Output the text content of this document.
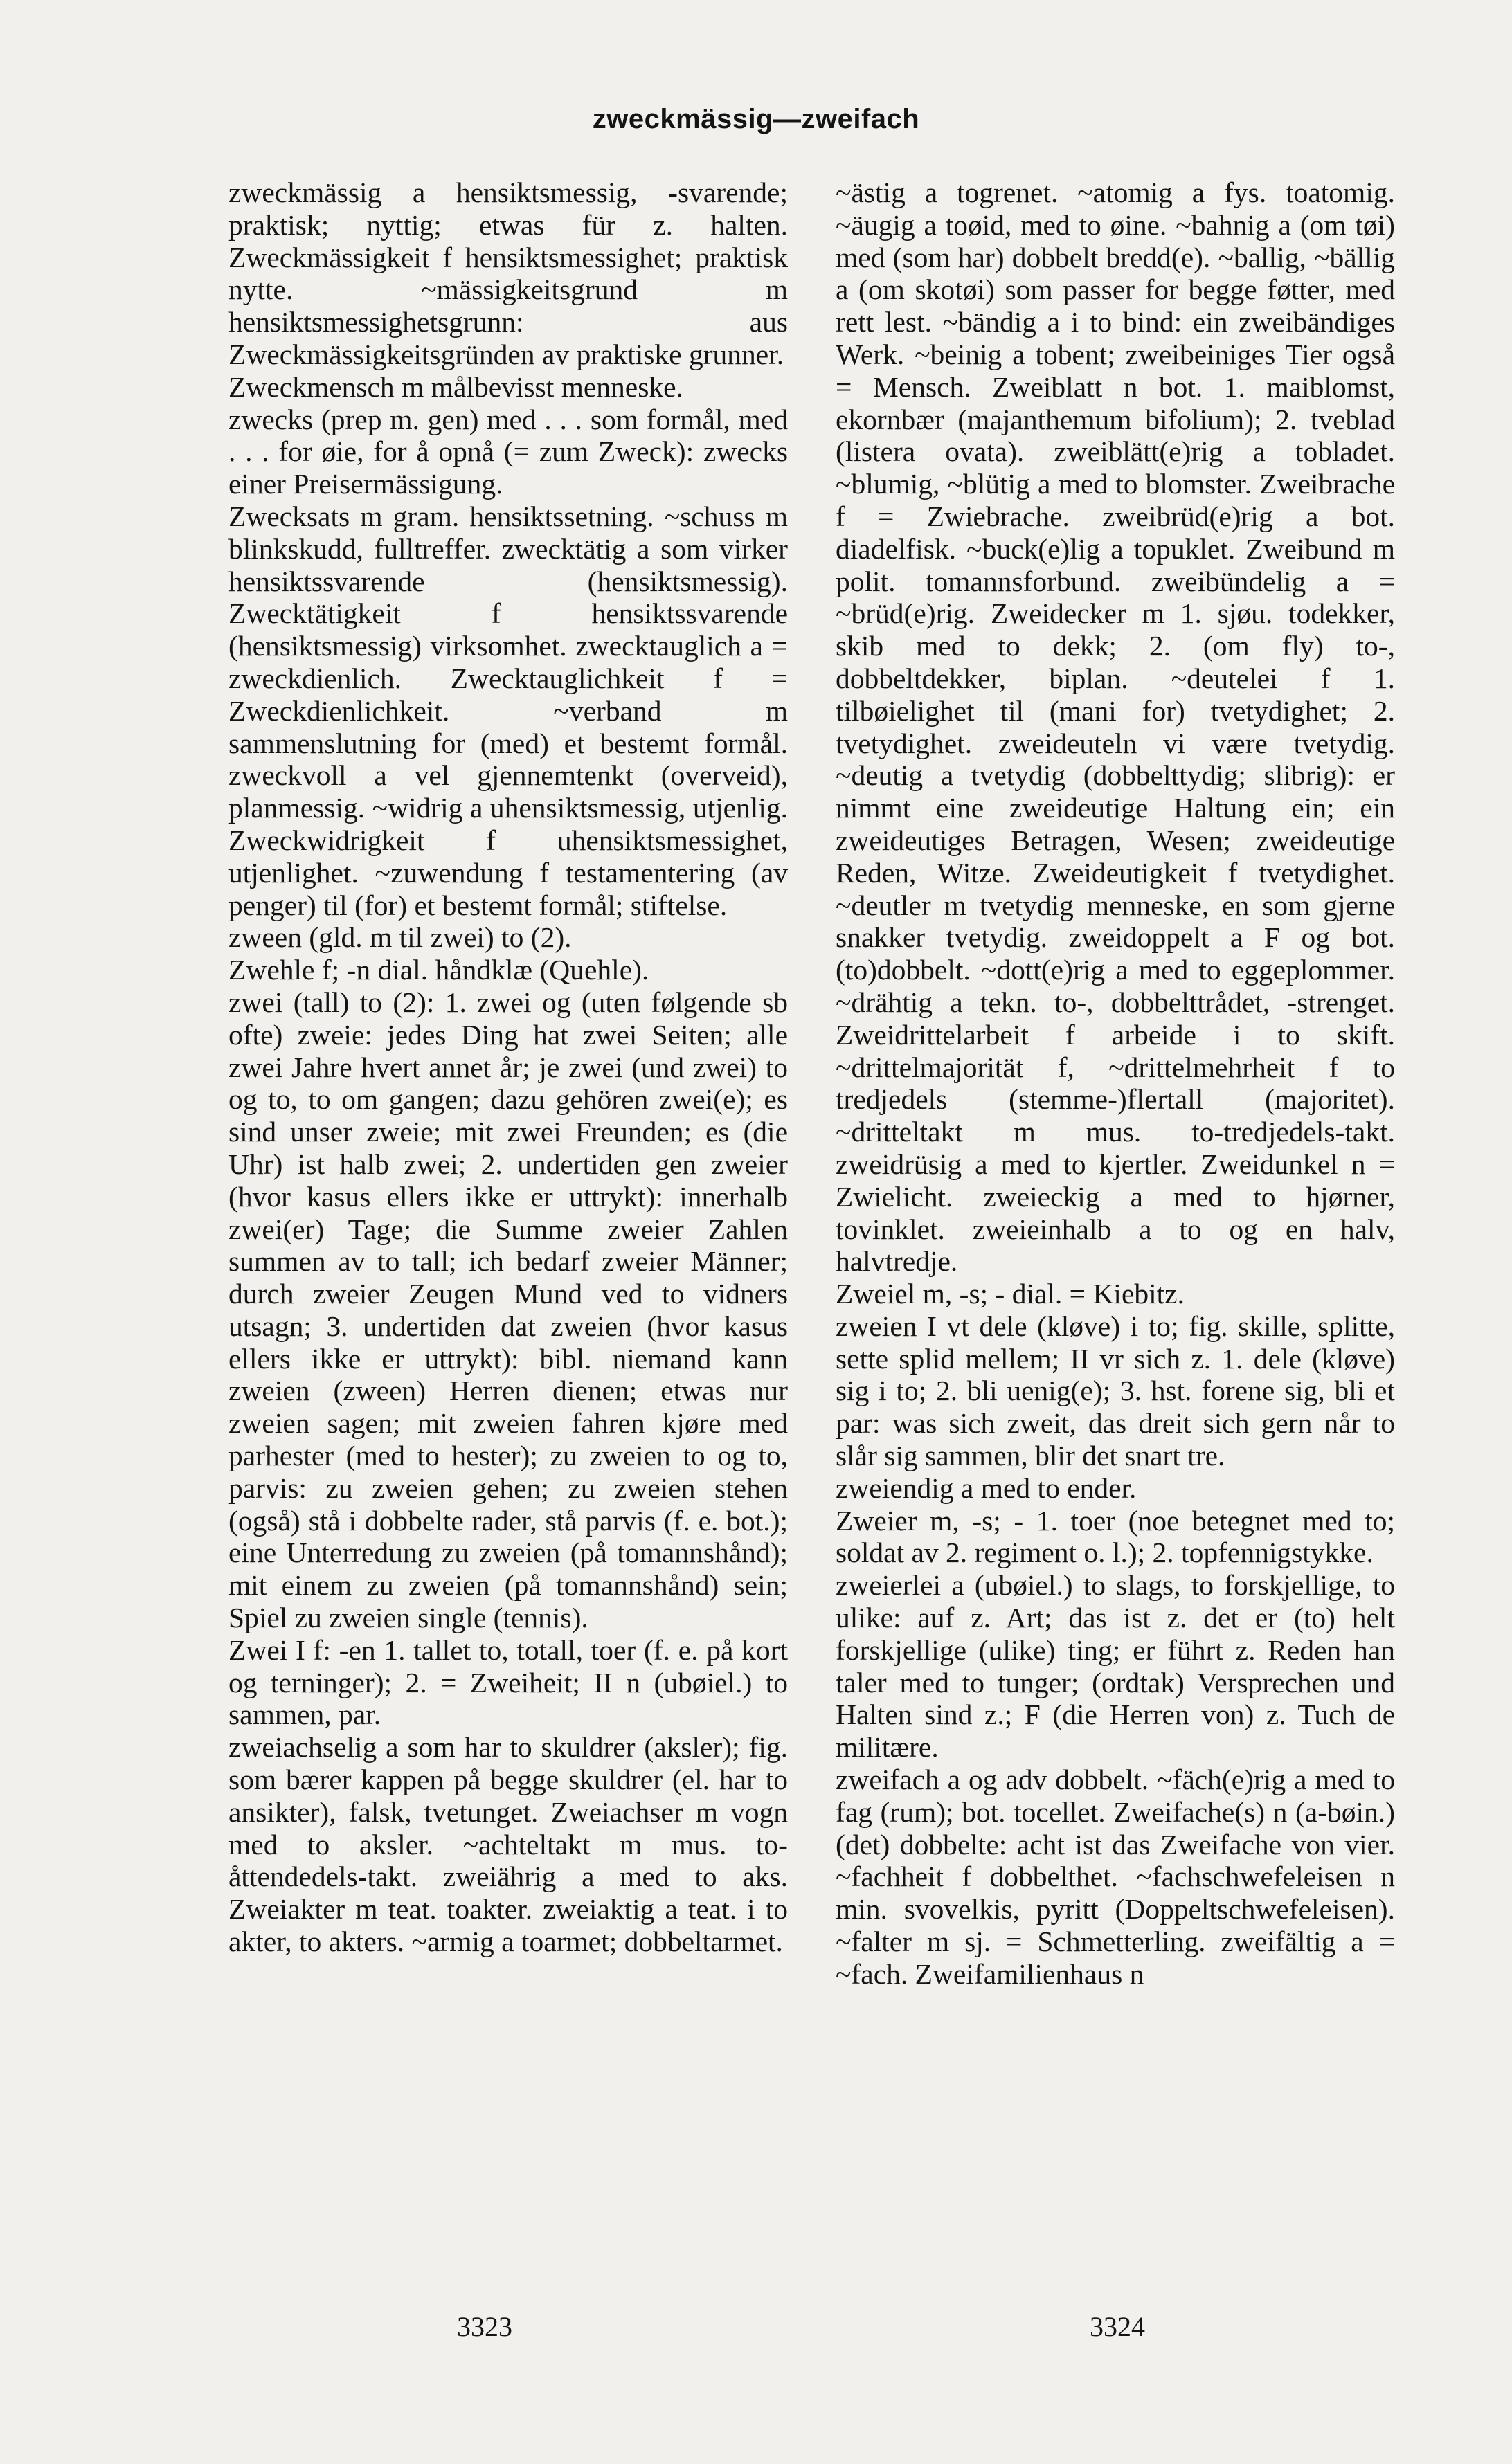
zweckmässig—zweifach
zweckmässig a hensiktsmessig, -svarende; praktisk; nyttig; etwas für z. halten. Zweckmässigkeit f hensiktsmessighet; praktisk nytte. ~mässigkeitsgrund m hensiktsmessighetsgrunn: aus Zweckmässigkeitsgründen av praktiske grunner.
Zweckmensch m målbevisst menneske.
zwecks (prep m. gen) med . . . som formål, med . . . for øie, for å opnå (= zum Zweck): zwecks einer Preisermässigung.
Zwecksats m gram. hensiktssetning. ~schuss m blinkskudd, fulltreffer. zwecktätig a som virker hensiktssvarende (hensiktsmessig). Zwecktätigkeit f hensiktssvarende (hensiktsmessig) virksomhet. zwecktauglich a = zweckdienlich. Zwecktauglichkeit f = Zweckdienlichkeit. ~verband m sammenslutning for (med) et bestemt formål. zweckvoll a vel gjennemtenkt (overveid), planmessig. ~widrig a uhensiktsmessig, utjenlig. Zweckwidrigkeit f uhensiktsmessighet, utjenlighet. ~zuwendung f testamentering (av penger) til (for) et bestemt formål; stiftelse.
zween (gld. m til zwei) to (2).
Zwehle f; -n dial. håndklæ (Quehle).
zwei (tall) to (2): 1. zwei og (uten følgende sb ofte) zweie: jedes Ding hat zwei Seiten; alle zwei Jahre hvert annet år; je zwei (und zwei) to og to, to om gangen; dazu gehören zwei(e); es sind unser zweie; mit zwei Freunden; es (die Uhr) ist halb zwei; 2. undertiden gen zweier (hvor kasus ellers ikke er uttrykt): innerhalb zwei(er) Tage; die Summe zweier Zahlen summen av to tall; ich bedarf zweier Männer; durch zweier Zeugen Mund ved to vidners utsagn; 3. undertiden dat zweien (hvor kasus ellers ikke er uttrykt): bibl. niemand kann zweien (zween) Herren dienen; etwas nur zweien sagen; mit zweien fahren kjøre med parhester (med to hester); zu zweien to og to, parvis: zu zweien gehen; zu zweien stehen (også) stå i dobbelte rader, stå parvis (f. e. bot.); eine Unterredung zu zweien (på tomannshånd); mit einem zu zweien (på tomannshånd) sein; Spiel zu zweien single (tennis).
Zwei I f: -en 1. tallet to, totall, toer (f. e. på kort og terninger); 2. = Zweiheit; II n (ubøiel.) to sammen, par.
zweiachselig a som har to skuldrer (aksler); fig. som bærer kappen på begge skuldrer (el. har to ansikter), falsk, tvetunget. Zweiachser m vogn med to aksler. ~achteltakt m mus. to-åttendedels-takt. zweiährig a med to aks. Zweiakter m teat. toakter. zweiaktig a teat. i to akter, to akters. ~armig a toarmet; dobbeltarmet.
~ästig a togrenet. ~atomig a fys. toatomig. ~äugig a toøid, med to øine. ~bahnig a (om tøi) med (som har) dobbelt bredd(e). ~ballig, ~bällig a (om skotøi) som passer for begge føtter, med rett lest. ~bändig a i to bind: ein zweibändiges Werk. ~beinig a tobent; zweibeiniges Tier også = Mensch. Zweiblatt n bot. 1. maiblomst, ekornbær (majanthemum bifolium); 2. tveblad (listera ovata). zweiblätt(e)rig a tobladet. ~blumig, ~blütig a med to blomster. Zweibrache f = Zwiebrache. zweibrüd(e)rig a bot. diadelfisk. ~buck(e)lig a topuklet. Zweibund m polit. tomannsforbund. zweibündelig a = ~brüd(e)rig. Zweidecker m 1. sjøu. todekker, skib med to dekk; 2. (om fly) to-, dobbeltdekker, biplan. ~deutelei f 1. tilbøielighet til (mani for) tvetydighet; 2. tvetydighet. zweideuteln vi være tvetydig. ~deutig a tvetydig (dobbelttydig; slibrig): er nimmt eine zweideutige Haltung ein; ein zweideutiges Betragen, Wesen; zweideutige Reden, Witze. Zweideutigkeit f tvetydighet. ~deutler m tvetydig menneske, en som gjerne snakker tvetydig. zweidoppelt a F og bot. (to)dobbelt. ~dott(e)rig a med to eggeplommer. ~drähtig a tekn. to-, dobbelttrådet, -strenget. Zweidrittelarbeit f arbeide i to skift. ~drittelmajorität f, ~drittelmehrheit f to tredjedels (stemme-)flertall (majoritet). ~dritteltakt m mus. to-tredjedels-takt. zweidrüsig a med to kjertler. Zweidunkel n = Zwielicht. zweieckig a med to hjørner, tovinklet. zweieinhalb a to og en halv, halvtredje.
Zweiel m, -s; - dial. = Kiebitz.
zweien I vt dele (kløve) i to; fig. skille, splitte, sette splid mellem; II vr sich z. 1. dele (kløve) sig i to; 2. bli uenig(e); 3. hst. forene sig, bli et par: was sich zweit, das dreit sich gern når to slår sig sammen, blir det snart tre.
zweiendig a med to ender.
Zweier m, -s; - 1. toer (noe betegnet med to; soldat av 2. regiment o. l.); 2. topfennigstykke.
zweierlei a (ubøiel.) to slags, to forskjellige, to ulike: auf z. Art; das ist z. det er (to) helt forskjellige (ulike) ting; er führt z. Reden han taler med to tunger; (ordtak) Versprechen und Halten sind z.; F (die Herren von) z. Tuch de militære.
zweifach a og adv dobbelt. ~fäch(e)rig a med to fag (rum); bot. tocellet. Zweifache(s) n (a-bøin.) (det) dobbelte: acht ist das Zweifache von vier. ~fachheit f dobbelthet. ~fachschwefeleisen n min. svovelkis, pyritt (Doppeltschwefeleisen). ~falter m sj. = Schmetterling. zweifältig a = ~fach. Zweifamilienhaus n
3323	3324
